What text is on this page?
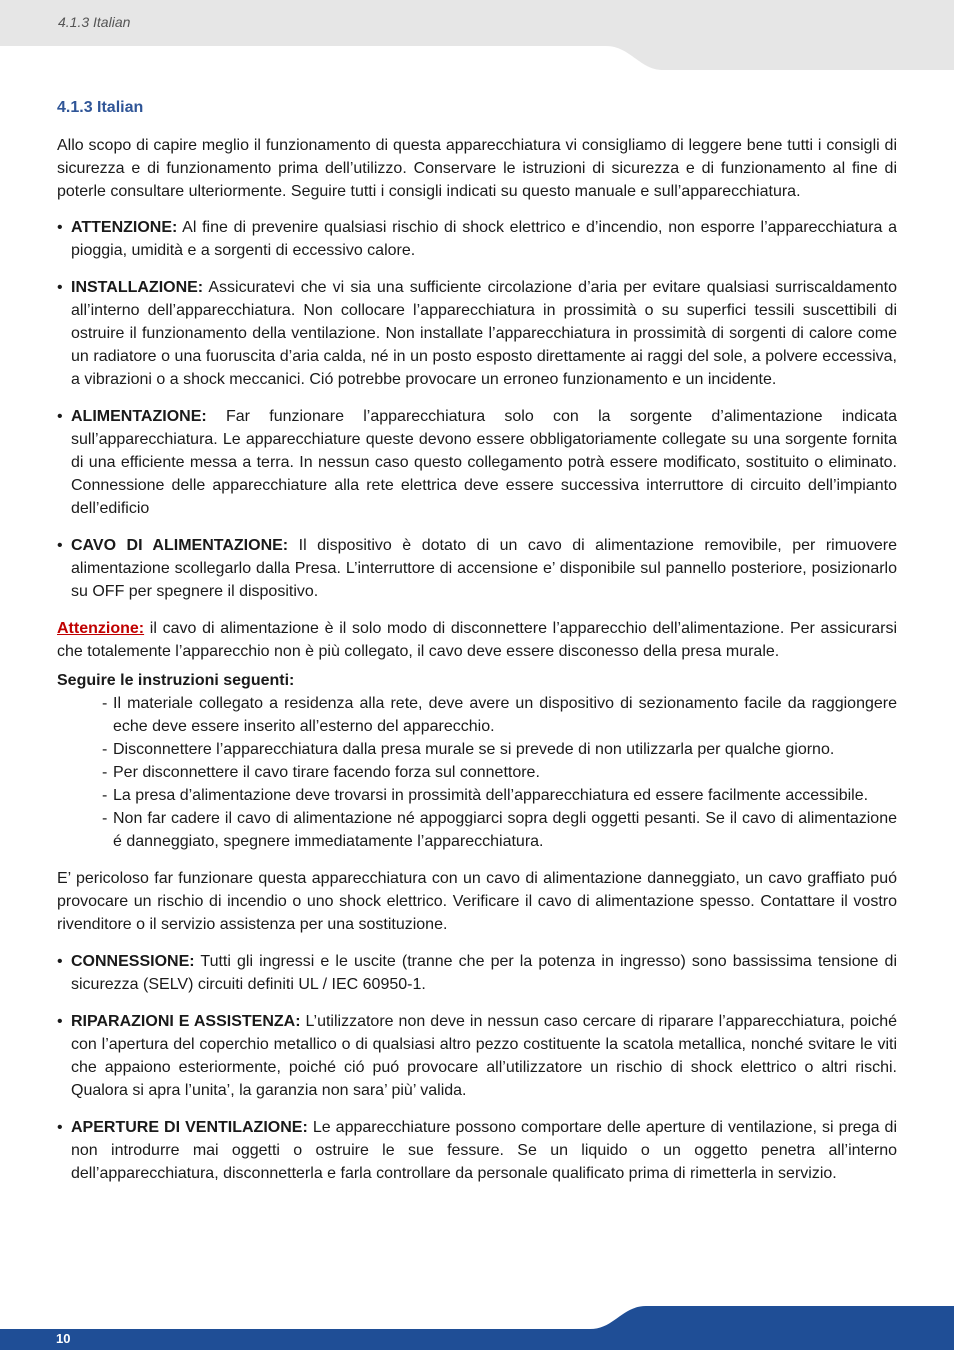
4.1.3 Italian
4.1.3 Italian

Allo scopo di capire meglio il funzionamento di questa apparecchiatura vi consigliamo di leggere bene tutti i consigli di sicurezza e di funzionamento prima dell’utilizzo. Conservare le istruzioni di sicurezza e di funzionamento al fine di poterle consultare ulteriormente. Seguire tutti i consigli indicati su questo manuale e sull’apparecchiatura.

• ATTENZIONE: Al fine di prevenire qualsiasi rischio di shock elettrico e d’incendio, non esporre l’apparecchiatura a pioggia, umidità e a sorgenti di eccessivo calore.
• INSTALLAZIONE: Assicuratevi che vi sia una sufficiente circolazione d’aria per evitare qualsiasi surriscaldamento all’interno dell’apparecchiatura. Non collocare l’apparecchiatura in prossimità o su superfici tessili suscettibili di ostruire il funzionamento della ventilazione. Non installate l’apparecchiatura in prossimità di sorgenti di calore come un radiatore o una fuoruscita d’aria calda, né in un posto esposto direttamente ai raggi del sole, a polvere eccessiva, a vibrazioni o a shock meccanici. Ció potrebbe provocare un erroneo funzionamento e un incidente.
• ALIMENTAZIONE: Far funzionare l’apparecchiatura solo con la sorgente d’alimentazione indicata sull’apparecchiatura. Le apparecchiature queste devono essere obbligatoriamente collegate su una sorgente fornita di una efficiente messa a terra. In nessun caso questo collegamento potrà essere modificato, sostituito o eliminato. Connessione delle apparecchiature alla rete elettrica deve essere successiva interruttore di circuito dell’impianto dell’edificio
• CAVO DI ALIMENTAZIONE: Il dispositivo è dotato di un cavo di alimentazione removibile, per rimuovere alimentazione scollegarlo dalla Presa. L’interruttore di accensione e’ disponibile sul pannello posteriore, posizionarlo su OFF per spegnere il dispositivo.

Attenzione: il cavo di alimentazione è il solo modo di disconnettere l’apparecchio dell’alimentazione. Per assicurarsi che totalemente l’apparecchio non è più collegato, il cavo deve essere disconesso della presa murale.

Seguire le instruzioni seguenti:
- Il materiale collegato a residenza alla rete, deve avere un dispositivo di sezionamento facile da raggiongere eche deve essere inserito all’esterno del apparecchio.
- Disconnettere l’apparecchiatura dalla presa murale se si prevede di non utilizzarla per qualche giorno.
- Per disconnettere il cavo tirare facendo forza sul connettore.
- La presa d’alimentazione deve trovarsi in prossimità dell’apparecchiatura ed essere facilmente accessibile.
- Non far cadere il cavo di alimentazione né appoggiarci sopra degli oggetti pesanti. Se il cavo di alimentazione é danneggiato, spegnere immediatamente l’apparecchiatura.

E’ pericoloso far funzionare questa apparecchiatura con un cavo di alimentazione danneggiato, un cavo graffiato puó provocare un rischio di incendio o uno shock elettrico. Verificare il cavo di alimentazione spesso. Contattare il vostro rivenditore o il servizio assistenza per una sostituzione.

• CONNESSIONE: Tutti gli ingressi e le uscite (tranne che per la potenza in ingresso) sono bassissima tensione di sicurezza (SELV) circuiti definiti UL / IEC 60950-1.
• RIPARAZIONI E ASSISTENZA: L’utilizzatore non deve in nessun caso cercare di riparare l’apparecchiatura, poiché con l’apertura del coperchio metallico o di qualsiasi altro pezzo costituente la scatola metallica, nonché svitare le viti che appaiono esteriormente, poiché ció puó provocare all’utilizzatore un rischio di shock elettrico o altri rischi. Qualora si apra l’unita’, la garanzia non sara’ più’ valida.
• APERTURE DI VENTILAZIONE: Le apparecchiature possono comportare delle aperture di ventilazione, si prega di non introdurre mai oggetti o ostruire le sue fessure. Se un liquido o un oggetto penetra all’interno dell’apparecchiatura, disconnetterla e farla controllare da personale qualificato prima di rimetterla in servizio.
10
